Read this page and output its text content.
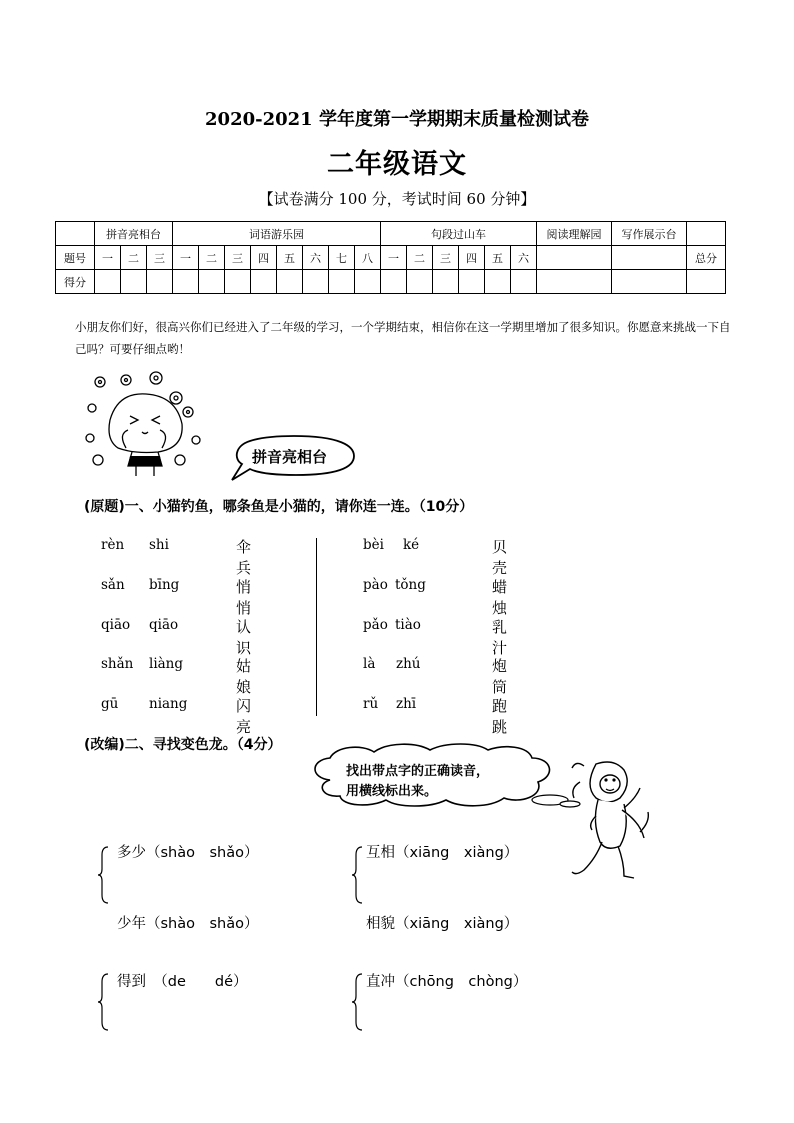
2020-2021 学年度第一学期期末质量检测试卷
二年级语文
【试卷满分 100 分，考试时间 60 分钟】
	拼音亮相台			词语游乐园								句段过山车						阅读理解园	写作展示台	
题号	一	二	三	一	二	三	四	五	六	七	八	一	二	三	四	五	六			总分
得分																				
小朋友你们好，很高兴你们已经进入了二年级的学习，一个学期结束，相信你在这一学期里增加了很多知识。你愿意来挑战一下自己吗？可要仔细点哟！
拼音亮相台
(原题)一、小猫钓鱼，哪条鱼是小猫的，请你连一连。（10分）
rèn shi	伞兵
sǎn bīng	悄悄
qiāo qiāo	认识
shǎn liàng	姑娘
gū niang	闪亮
bèi ké	贝壳
pào tǒng	蜡烛
pǎo tiào	乳汁
là zhú	炮筒
rǔ zhī	跑跳
(改编)二、寻找变色龙。（4分）
找出带点字的正确读音，
用横线标出来。
多少（shào　shǎo）
少年（shào　shǎo）
互相（xiāng　xiàng）
相貌（xiāng　xiàng）
得到　（de　　dé）	直冲（chōng　chòng）
